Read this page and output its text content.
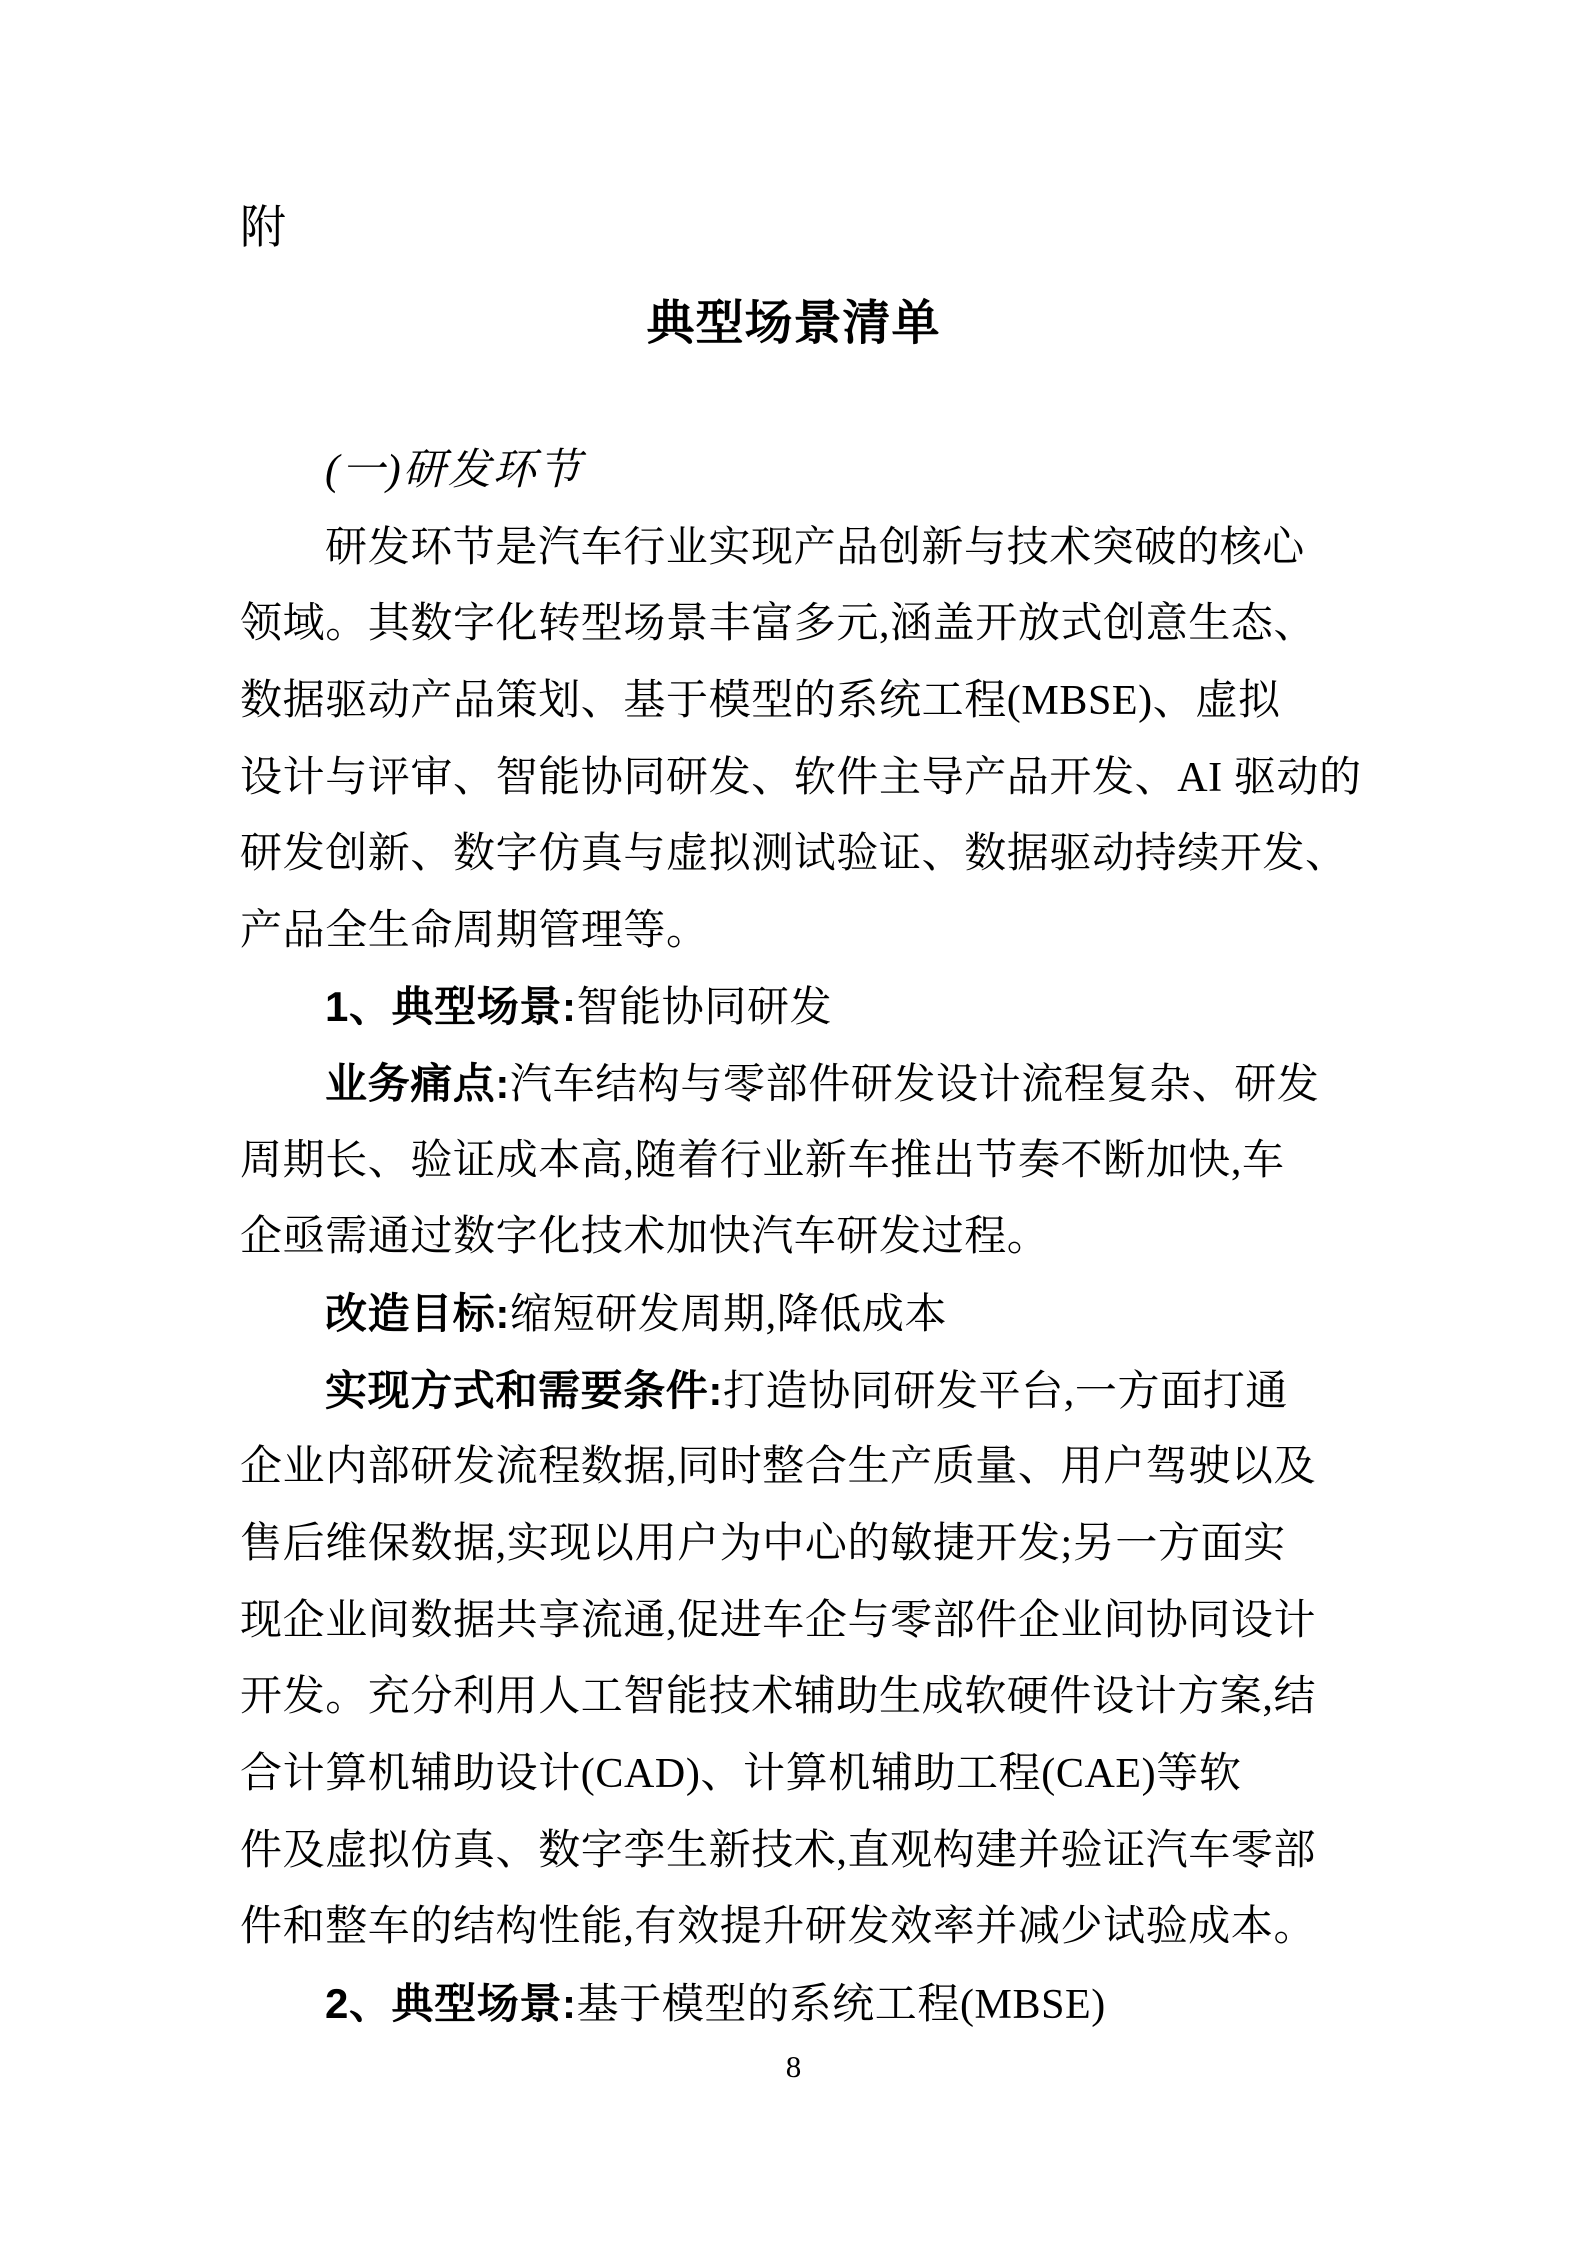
附
典型场景清单
(一)研发环节
研发环节是汽车行业实现产品创新与技术突破的核心
领域。其数字化转型场景丰富多元,涵盖开放式创意生态、
数据驱动产品策划、基于模型的系统工程(MBSE)、虚拟
设计与评审、智能协同研发、软件主导产品开发、AI 驱动的
研发创新、数字仿真与虚拟测试验证、数据驱动持续开发、
产品全生命周期管理等。
1、典型场景:智能协同研发
业务痛点:汽车结构与零部件研发设计流程复杂、研发
周期长、验证成本高,随着行业新车推出节奏不断加快,车
企亟需通过数字化技术加快汽车研发过程。
改造目标:缩短研发周期,降低成本
实现方式和需要条件:打造协同研发平台,一方面打通
企业内部研发流程数据,同时整合生产质量、用户驾驶以及
售后维保数据,实现以用户为中心的敏捷开发;另一方面实
现企业间数据共享流通,促进车企与零部件企业间协同设计
开发。充分利用人工智能技术辅助生成软硬件设计方案,结
合计算机辅助设计(CAD)、计算机辅助工程(CAE)等软
件及虚拟仿真、数字孪生新技术,直观构建并验证汽车零部
件和整车的结构性能,有效提升研发效率并减少试验成本。
2、典型场景:基于模型的系统工程(MBSE)
8
